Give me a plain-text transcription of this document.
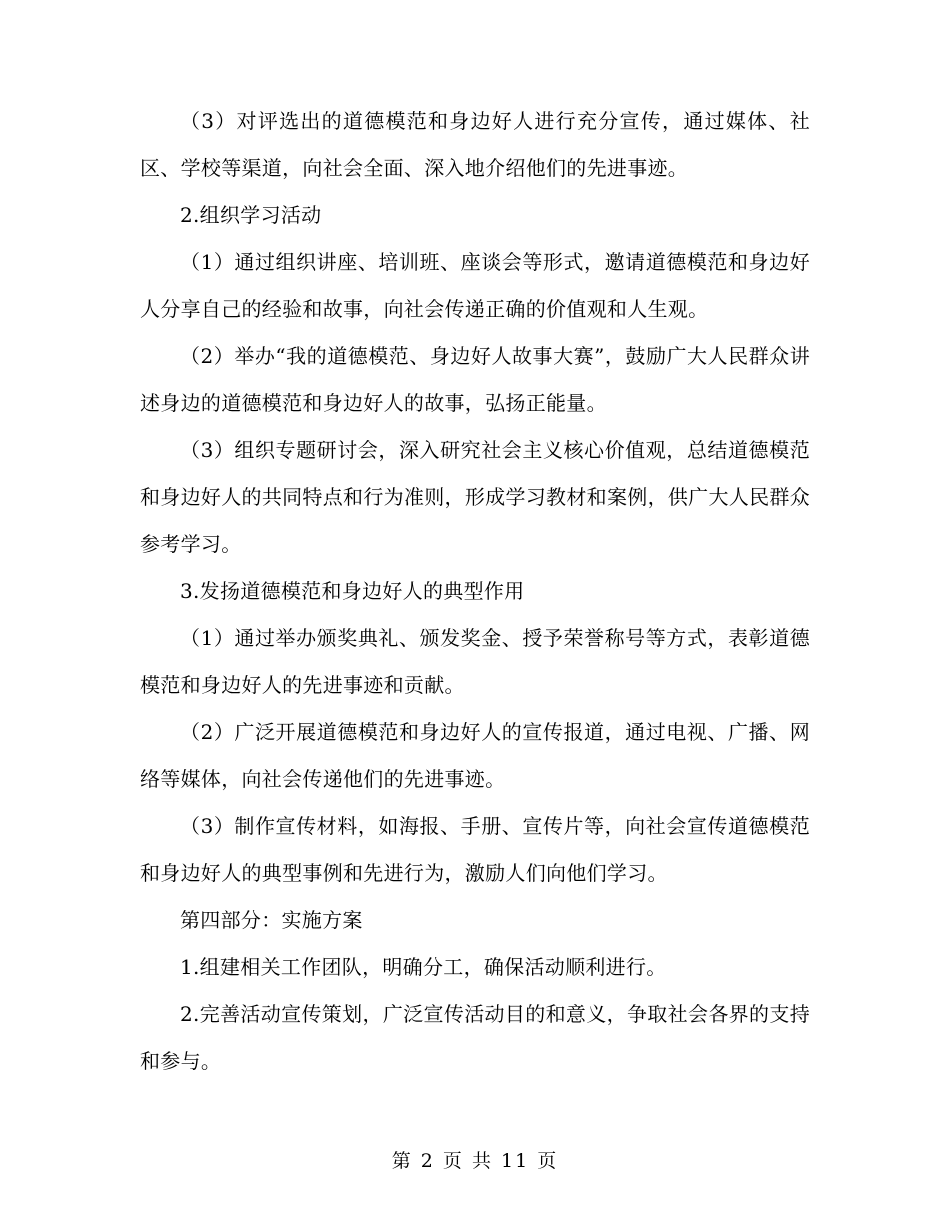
（3）对评选出的道德模范和身边好人进行充分宣传，通过媒体、社区、学校等渠道，向社会全面、深入地介绍他们的先进事迹。

2.组织学习活动

（1）通过组织讲座、培训班、座谈会等形式，邀请道德模范和身边好人分享自己的经验和故事，向社会传递正确的价值观和人生观。

（2）举办“我的道德模范、身边好人故事大赛”，鼓励广大人民群众讲述身边的道德模范和身边好人的故事，弘扬正能量。

（3）组织专题研讨会，深入研究社会主义核心价值观，总结道德模范和身边好人的共同特点和行为准则，形成学习教材和案例，供广大人民群众参考学习。

3.发扬道德模范和身边好人的典型作用

（1）通过举办颁奖典礼、颁发奖金、授予荣誉称号等方式，表彰道德模范和身边好人的先进事迹和贡献。

（2）广泛开展道德模范和身边好人的宣传报道，通过电视、广播、网络等媒体，向社会传递他们的先进事迹。

（3）制作宣传材料，如海报、手册、宣传片等，向社会宣传道德模范和身边好人的典型事例和先进行为，激励人们向他们学习。

第四部分：实施方案

1.组建相关工作团队，明确分工，确保活动顺利进行。

2.完善活动宣传策划，广泛宣传活动目的和意义，争取社会各界的支持和参与。

第 2 页 共 11 页
